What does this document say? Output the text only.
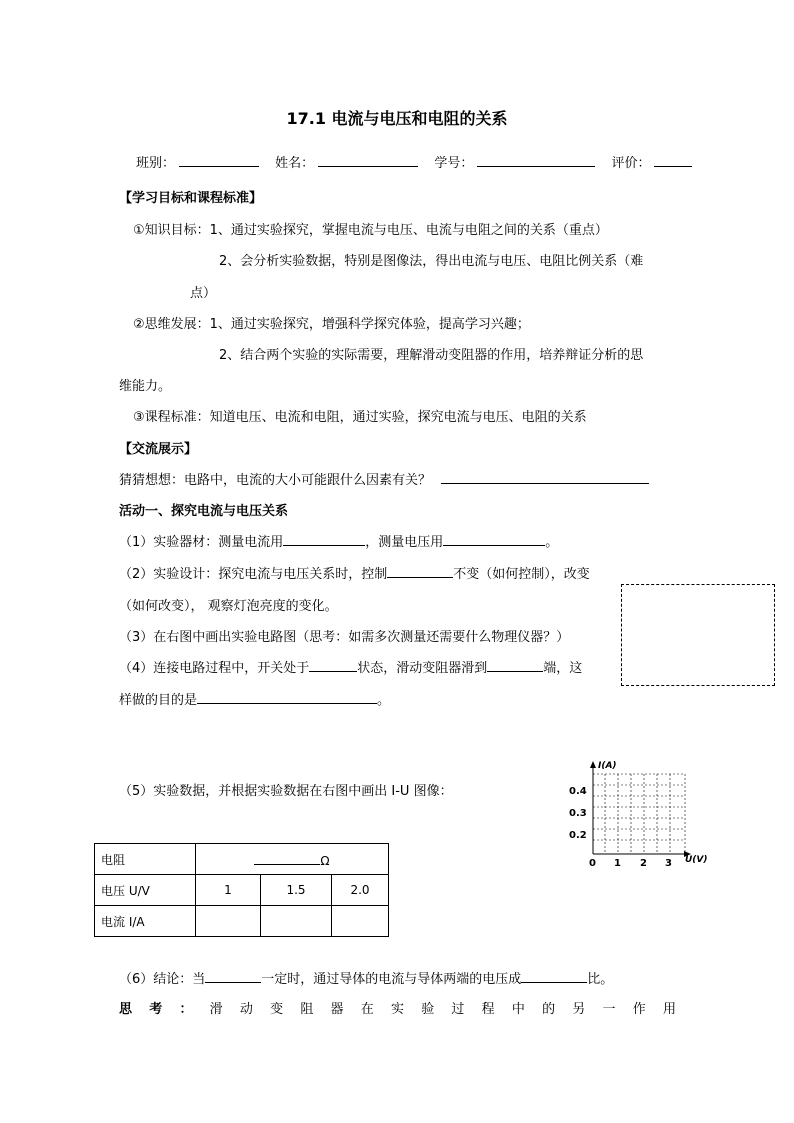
17.1 电流与电压和电阻的关系
班别：	姓名：	学号：	评价：
【学习目标和课程标准】
①知识目标：1、通过实验探究，掌握电流与电压、电流与电阻之间的关系（重点）
2、会分析实验数据，特别是图像法，得出电流与电压、电阻比例关系（难
点）
②思维发展：1、通过实验探究，增强科学探究体验，提高学习兴趣；
2、结合两个实验的实际需要，理解滑动变阻器的作用，培养辩证分析的思
维能力。
③课程标准：知道电压、电流和电阻，通过实验，探究电流与电压、电阻的关系
【交流展示】
猜猜想想：电路中，电流的大小可能跟什么因素有关？
活动一、探究电流与电压关系
（1）实验器材：测量电流用	，测量电压用	。
（2）实验设计：探究电流与电压关系时，控制	不变（如何控制），改变
（如何改变）， 观察灯泡亮度的变化。
（3）在右图中画出实验电路图（思考：如需多次测量还需要什么物理仪器？）
（4）连接电路过程中，开关处于	状态，滑动变阻器滑到	端，这
样做的目的是	。
（5）实验数据，并根据实验数据在右图中画出 I-U 图像：
I(A)
U(V)
0.4
0.3
0.2
0 1 2 3
电阻	Ω		
电压 U/V	1	1.5	2.0
电流 I/A			
（6）结论：当	一定时，通过导体的电流与导体两端的电压成	比。
思 考 ： 滑 动 变 阻 器 在 实 验 过 程 中 的 另 一 作 用
